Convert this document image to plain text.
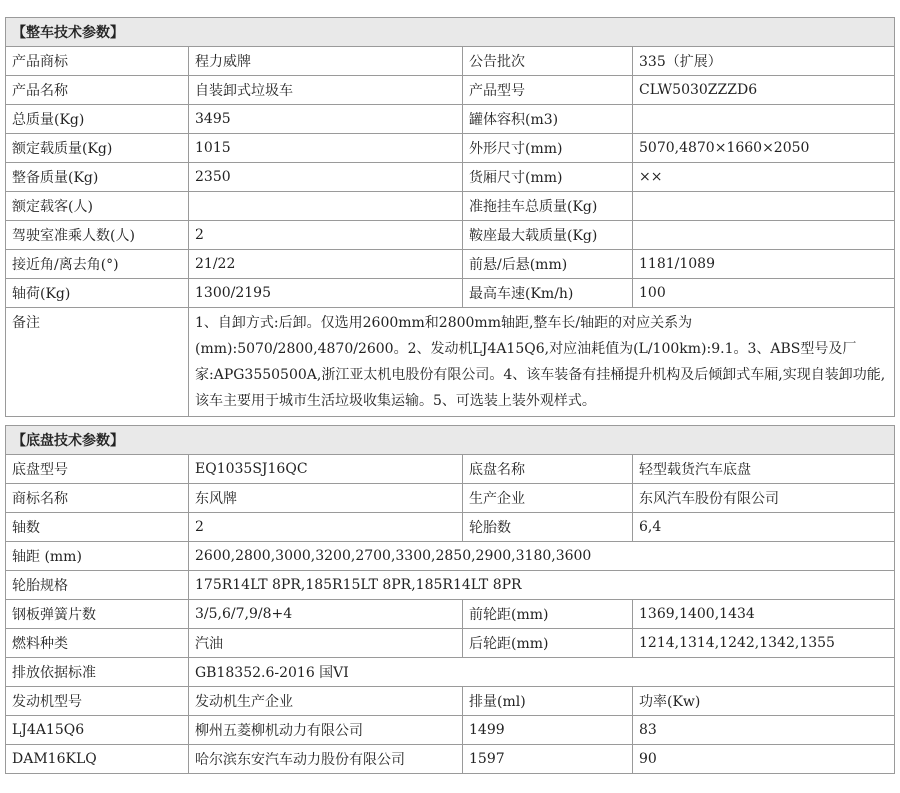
【整车技术参数】			
产品商标	程力威牌	公告批次	335（扩展）
产品名称	自装卸式垃圾车	产品型号	CLW5030ZZZD6
总质量(Kg)	3495	罐体容积(m3)	
额定载质量(Kg)	1015	外形尺寸(mm)	5070,4870×1660×2050
整备质量(Kg)	2350	货厢尺寸(mm)	××
额定载客(人)		准拖挂车总质量(Kg)	
驾驶室准乘人数(人)	2	鞍座最大载质量(Kg)	
接近角/离去角(°)	21/22	前悬/后悬(mm)	1181/1089
轴荷(Kg)	1300/2195	最高车速(Km/h)	100
备注	1、自卸方式:后卸。仅选用2600mm和2800mm轴距,整车长/轴距的对应关系为(mm):5070/2800,4870/2600。2、发动机LJ4A15Q6,对应油耗值为(L/100km):9.1。3、ABS型号及厂家:APG3550500A,浙江亚太机电股份有限公司。4、该车装备有挂桶提升机构及后倾卸式车厢,实现自装卸功能,该车主要用于城市生活垃圾收集运输。5、可选装上装外观样式。		
【底盘技术参数】			
底盘型号	EQ1035SJ16QC	底盘名称	轻型载货汽车底盘
商标名称	东风牌	生产企业	东风汽车股份有限公司
轴数	2	轮胎数	6,4
轴距 (mm)	2600,2800,3000,3200,2700,3300,2850,2900,3180,3600		
轮胎规格	175R14LT 8PR,185R15LT 8PR,185R14LT 8PR		
钢板弹簧片数	3/5,6/7,9/8+4	前轮距(mm)	1369,1400,1434
燃料种类	汽油	后轮距(mm)	1214,1314,1242,1342,1355
排放依据标准	GB18352.6-2016 国VI		
发动机型号	发动机生产企业	排量(ml)	功率(Kw)
LJ4A15Q6	柳州五菱柳机动力有限公司	1499	83
DAM16KLQ	哈尔滨东安汽车动力股份有限公司	1597	90
